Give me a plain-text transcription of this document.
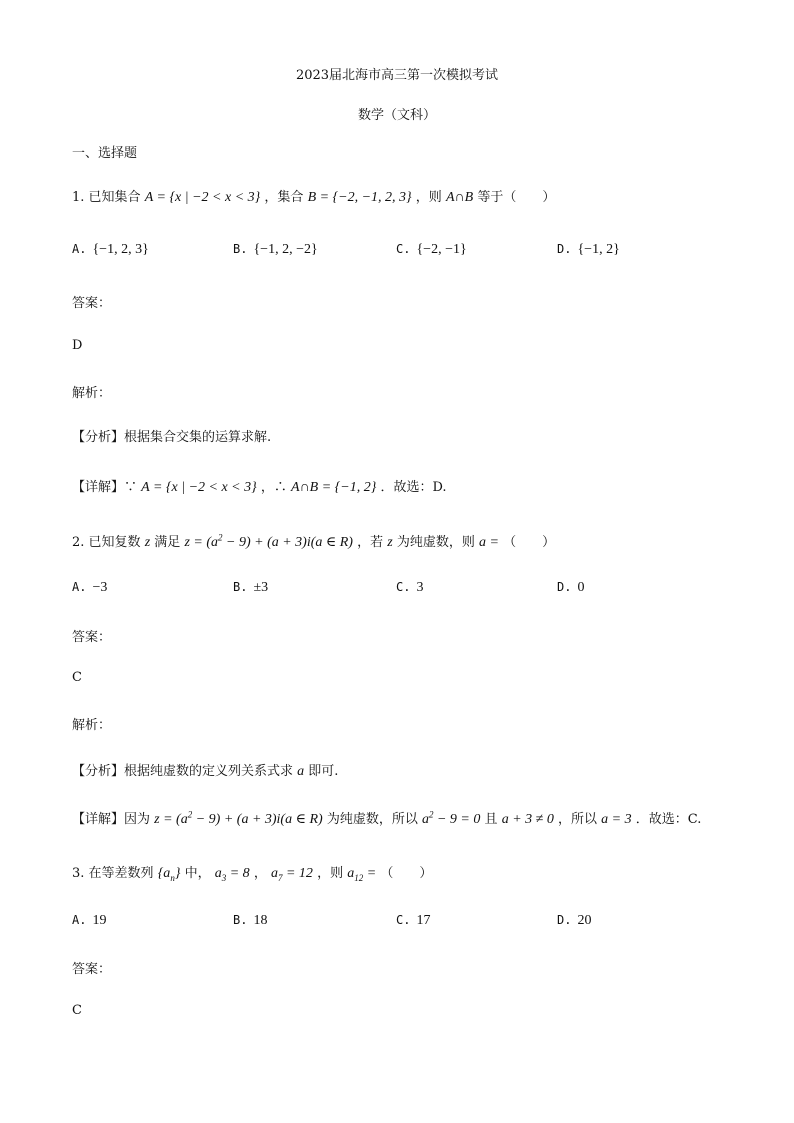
2023届北海市高三第一次模拟考试
数学（文科）
一、选择题
1. 已知集合 A = {x | −2 < x < 3} ，集合 B = {−2, −1, 2, 3} ，则 A∩B 等于（　　）
A. {−1, 2, 3}	B. {−1, 2, −2}	C. {−2, −1}	D. {−1, 2}
答案：
D
解析：
【分析】根据集合交集的运算求解.
【详解】∵ A = {x | −2 < x < 3} ，∴ A∩B = {−1, 2} ．故选：D.
2. 已知复数 z 满足 $z = (a^2 - 9) + (a + 3)i(a$ ∈ R) ，若 z 为纯虚数，则 a = （　　）
A. −3	B. ±3	C. 3	D. 0
答案：
C
解析：
【分析】根据纯虚数的定义列关系式求 a 即可.
【详解】因为 $z = (a^2 - 9) + (a + 3)i(a$ ∈ R) 为纯虚数，所以 $a^2 - 9 = 0$ 且 a + 3 ≠ 0 ，所以 a = 3 ．故选：C.
3. 在等差数列 $\{a_n\}$ 中， $a_3 = 8$ ， $a_7 = 12$ ，则 $a_{12}$ = （　　）
A. 19	B. 18	C. 17	D. 20
答案：
C
